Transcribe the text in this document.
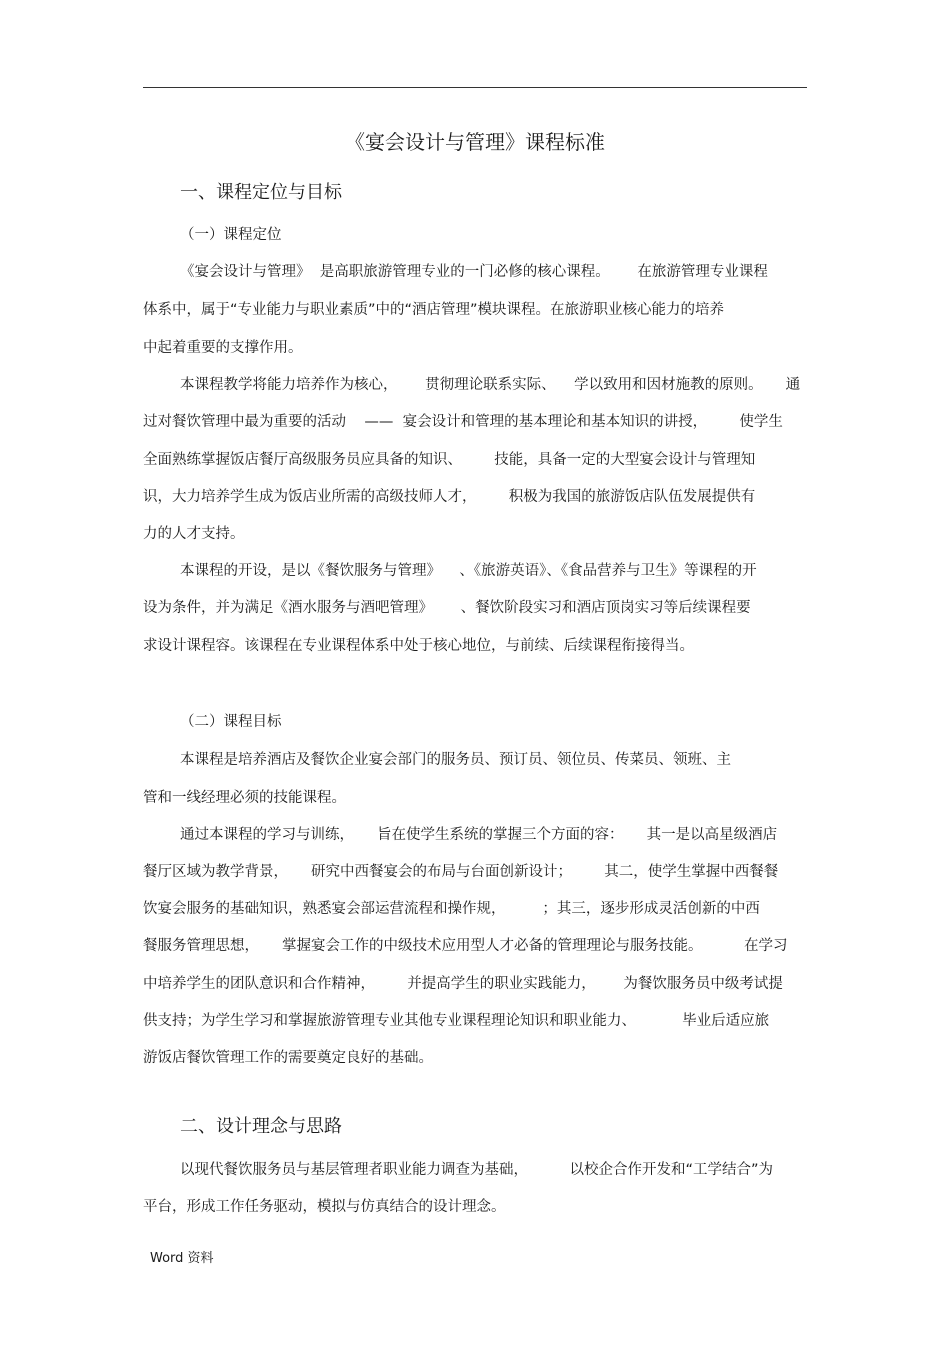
《宴会设计与管理》课程标准
一、课程定位与目标
（一）课程定位
《宴会设计与管理》  是高职旅游管理专业的一门必修的核心课程。      在旅游管理专业课程
体系中，属于“专业能力与职业素质”中的“酒店管理”模块课程。在旅游职业核心能力的培养
中起着重要的支撑作用。
本课程教学将能力培养作为核心，      贯彻理论联系实际、    学以致用和因材施教的原则。     通
过对餐饮管理中最为重要的活动    ——  宴会设计和管理的基本理论和基本知识的讲授，       使学生
全面熟练掌握饭店餐厅高级服务员应具备的知识、       技能，具备一定的大型宴会设计与管理知
识，大力培养学生成为饭店业所需的高级技师人才，       积极为我国的旅游饭店队伍发展提供有
力的人才支持。
本课程的开设，是以《餐饮服务与管理》    、《旅游英语》、《食品营养与卫生》等课程的开
设为条件，并为满足《酒水服务与酒吧管理》      、餐饮阶段实习和酒店顶岗实习等后续课程要
求设计课程容。该课程在专业课程体系中处于核心地位，与前续、后续课程衔接得当。
（二）课程目标
本课程是培养酒店及餐饮企业宴会部门的服务员、预订员、领位员、传菜员、领班、主
管和一线经理必须的技能课程。
通过本课程的学习与训练，     旨在使学生系统的掌握三个方面的容：     其一是以高星级酒店
餐厅区域为教学背景，     研究中西餐宴会的布局与台面创新设计；       其二，使学生掌握中西餐餐
饮宴会服务的基础知识，熟悉宴会部运营流程和操作规，        ；其三，逐步形成灵活创新的中西
餐服务管理思想，     掌握宴会工作的中级技术应用型人才必备的管理理论与服务技能。         在学习
中培养学生的团队意识和合作精神，       并提高学生的职业实践能力，      为餐饮服务员中级考试提
供支持；为学生学习和掌握旅游管理专业其他专业课程理论知识和职业能力、          毕业后适应旅
游饭店餐饮管理工作的需要奠定良好的基础。
二、设计理念与思路
以现代餐饮服务员与基层管理者职业能力调查为基础，         以校企合作开发和“工学结合”为
平台，形成工作任务驱动，模拟与仿真结合的设计理念。
Word 资料
